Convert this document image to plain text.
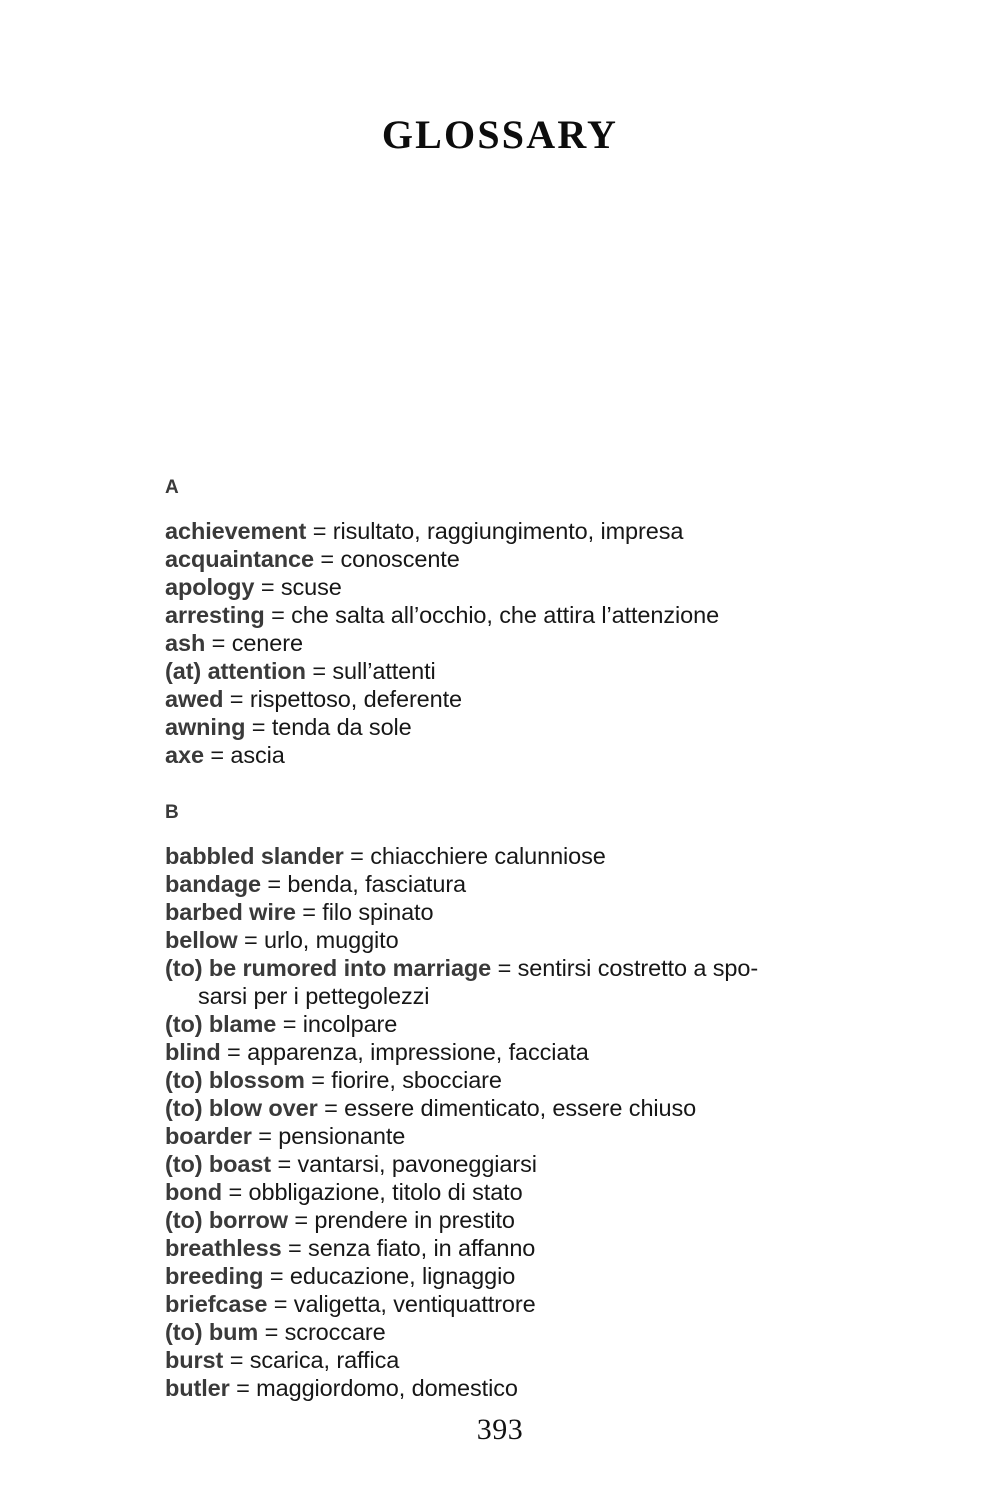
GLOSSARY
A
achievement = risultato, raggiungimento, impresa
acquaintance = conoscente
apology = scuse
arresting = che salta all’occhio, che attira l’attenzione
ash = cenere
(at) attention = sull’attenti
awed = rispettoso, deferente
awning = tenda da sole
axe = ascia
B
babbled slander = chiacchiere calunniose
bandage = benda, fasciatura
barbed wire = filo spinato
bellow = urlo, muggito
(to) be rumored into marriage = sentirsi costretto a spo-
sarsi per i pettegolezzi
(to) blame = incolpare
blind = apparenza, impressione, facciata
(to) blossom = fiorire, sbocciare
(to) blow over = essere dimenticato, essere chiuso
boarder = pensionante
(to) boast = vantarsi, pavoneggiarsi
bond = obbligazione, titolo di stato
(to) borrow = prendere in prestito
breathless = senza fiato, in affanno
breeding = educazione, lignaggio
briefcase = valigetta, ventiquattrore
(to) bum = scroccare
burst = scarica, raffica
butler = maggiordomo, domestico
393
